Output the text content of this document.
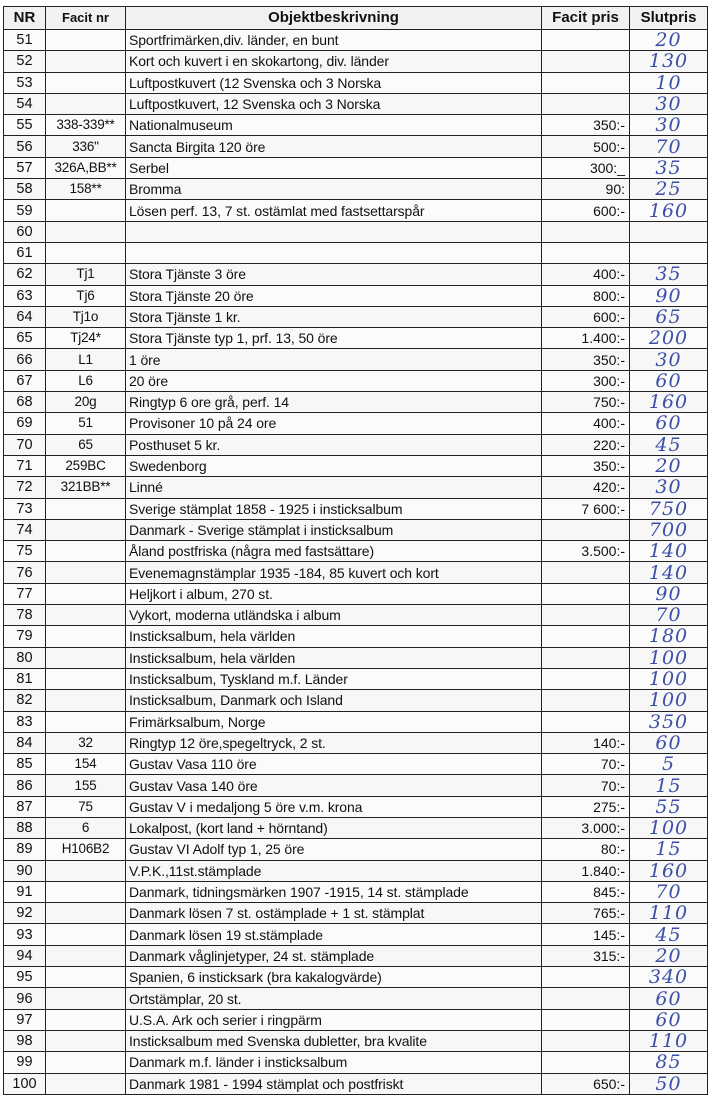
NR	Facit nr	Objektbeskrivning	Facit pris	Slutpris
51		Sportfrimärken,div. länder, en bunt		20
52		Kort och kuvert i en skokartong, div. länder		130
53		Luftpostkuvert (12 Svenska och 3 Norska		10
54		Luftpostkuvert, 12 Svenska och 3 Norska		30
55	338-339**	Nationalmuseum	350:-	30
56	336"	Sancta Birgita 120 öre	500:-	70
57	326A,BB**	Serbel	300:_	35
58	158**	Bromma	90:	25
59		Lösen perf. 13, 7 st. ostämlat med fastsettarspår	600:-	160
60				
61				
62	Tj1	Stora Tjänste 3 öre	400:-	35
63	Tj6	Stora Tjänste 20 öre	800:-	90
64	Tj1o	Stora Tjänste 1 kr.	600:-	65
65	Tj24*	Stora Tjänste typ 1, prf. 13, 50 öre	1.400:-	200
66	L1	1 öre	350:-	30
67	L6	20 öre	300:-	60
68	20g	Ringtyp 6 ore grå, perf. 14	750:-	160
69	51	Provisoner 10 på 24 ore	400:-	60
70	65	Posthuset 5 kr.	220:-	45
71	259BC	Swedenborg	350:-	20
72	321BB**	Linné	420:-	30
73		Sverige stämplat 1858 - 1925 i insticksalbum	7 600:-	750
74		Danmark - Sverige stämplat i insticksalbum		700
75		Åland postfriska (några med fastsättare)	3.500:-	140
76		Evenemagnstämplar 1935 -184, 85 kuvert och kort		140
77		Heljkort i album, 270 st.		90
78		Vykort, moderna utländska i album		70
79		Insticksalbum, hela världen		180
80		Insticksalbum, hela världen		100
81		Insticksalbum, Tyskland m.f. Länder		100
82		Insticksalbum, Danmark och Island		100
83		Frimärksalbum, Norge		350
84	32	Ringtyp 12 öre,spegeltryck, 2 st.	140:-	60
85	154	Gustav Vasa 110 öre	70:-	5
86	155	Gustav Vasa 140 öre	70:-	15
87	75	Gustav V i medaljong 5 öre v.m. krona	275:-	55
88	6	Lokalpost, (kort land + hörntand)	3.000:-	100
89	H106B2	Gustav VI Adolf typ 1, 25 öre	80:-	15
90		V.P.K.,11st.stämplade	1.840:-	160
91		Danmark, tidningsmärken 1907 -1915, 14 st. stämplade	845:-	70
92		Danmark lösen 7 st. ostämplade + 1 st. stämplat	765:-	110
93		Danmark lösen 19 st.stämplade	145:-	45
94		Danmark våglinjetyper, 24 st. stämplade	315:-	20
95		Spanien, 6 insticksark (bra kakalogvärde)		340
96		Ortstämplar, 20 st.		60
97		U.S.A. Ark och serier i ringpärm		60
98		Insticksalbum med Svenska dubletter, bra kvalite		110
99		Danmark m.f. länder i insticksalbum		85
100		Danmark 1981 - 1994 stämplat och postfriskt	650:-	50
